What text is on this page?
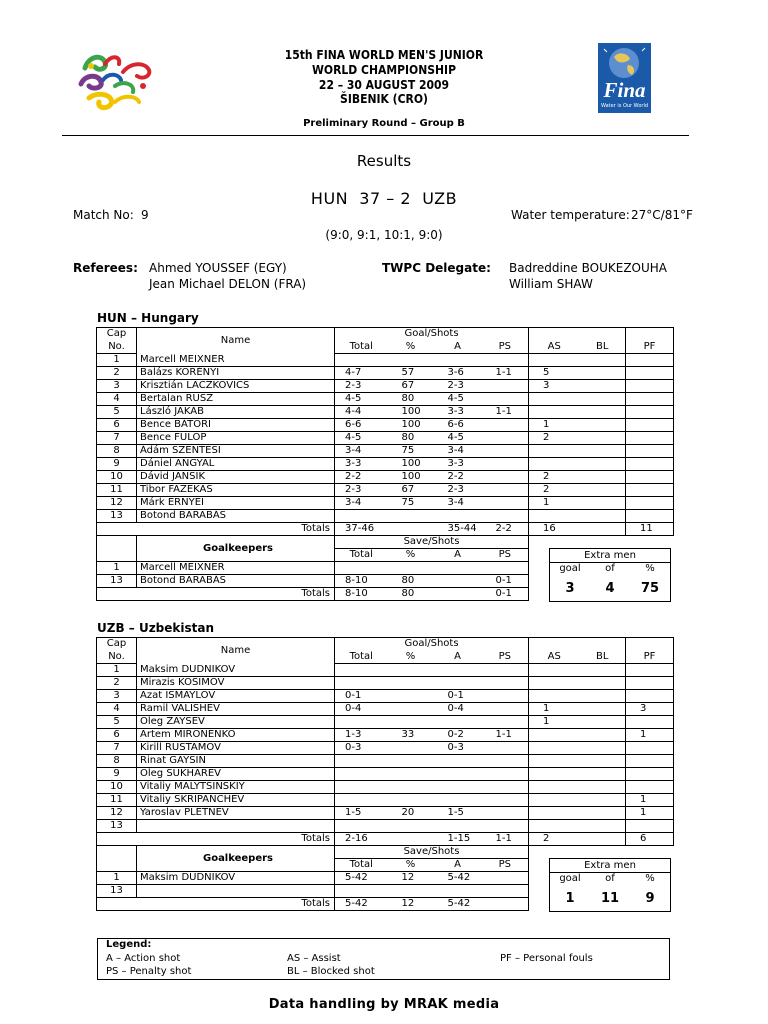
15th FINA WORLD MEN'S JUNIOR
WORLD CHAMPIONSHIP
22 – 30 AUGUST 2009
ŠIBENIK (CRO)	Fina
Water is Our World
Preliminary Round – Group B
Results
HUN  37 – 2  UZB
Match No: 9	Water temperature: 27°C/81°F
(9:0, 9:1, 10:1, 9:0)
Referees: Ahmed YOUSSEF (EGY)
Jean Michael DELON (FRA)
TWPC Delegate: Badreddine BOUKEZOUHA
William SHAW
HUN – Hungary
Cap	Name	Goal/Shots						
No.		Total	%	A	PS	AS	BL	PF
1	Marcell MEIXNER							
2	Balázs KORÉNYI	4-7	57	3-6	1-1	5		
3	Krisztián LACZKOVICS	2-3	67	2-3		3		
4	Bertalan RUSZ	4-5	80	4-5				
5	László JAKAB	4-4	100	3-3	1-1			
6	Bence BÁTORI	6-6	100	6-6		1		
7	Bence FÜLÖP	4-5	80	4-5		2		
8	Ádám SZENTESI	3-4	75	3-4				
9	Dániel ANGYAL	3-3	100	3-3				
10	Dávid JANSIK	2-2	100	2-2		2		
11	Tibor FAZEKAS	2-3	67	2-3		2		
12	Márk ERNYEI	3-4	75	3-4		1		
13	Botond BARABÁS							
Totals		37-46		35-44	2-2	16		11
	Goalkeepers	Save/Shots						
		Total	%	A	PS			
1	Marcell MEIXNER							
13	Botond BARABÁS	8-10	80		0-1			
Totals		8-10	80		0-1			
Extra men
goal	of	%
3	4	75
UZB – Uzbekistan
Cap	Name	Goal/Shots						
No.		Total	%	A	PS	AS	BL	PF
1	Maksim DUDNIKOV							
2	Mirazis KOSIMOV							
3	Azat ISMAYLOV	0-1		0-1				
4	Ramil VALISHEV	0-4		0-4		1		3
5	Oleg ZAYSEV					1		
6	Artem MIRONENKO	1-3	33	0-2	1-1			1
7	Kirill RUSTAMOV	0-3		0-3				
8	Rinat GAYSIN							
9	Oleg SUKHAREV							
10	Vitaliy MALYTSINSKIY							
11	Vitaliy SKRIPANCHEV							1
12	Yaroslav PLETNEV	1-5	20	1-5				1
13								
Totals		2-16		1-15	1-1	2		6
	Goalkeepers	Save/Shots						
		Total	%	A	PS			
1	Maksim DUDNIKOV	5-42	12	5-42				
13								
Totals		5-42	12	5-42				
Extra men
goal	of	%
1	11	9
Legend:
A – Action shot
PS – Penalty shot
AS – Assist
BL – Blocked shot
PF – Personal fouls
Data handling by MRAK media
